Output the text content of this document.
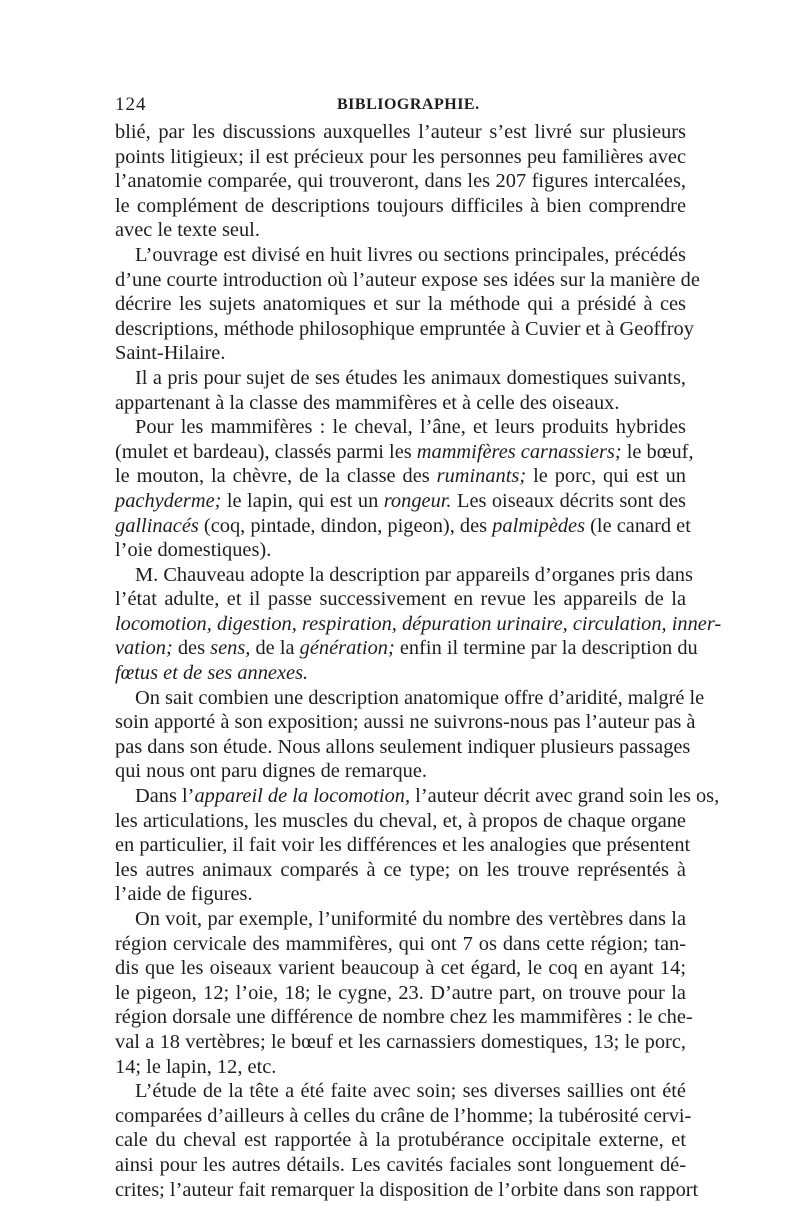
124	BIBLIOGRAPHIE.
blié, par les discussions auxquelles l’auteur s’est livré sur plusieurs
points litigieux; il est précieux pour les personnes peu familières avec
l’anatomie comparée, qui trouveront, dans les 207 figures intercalées,
le complément de descriptions toujours difficiles à bien comprendre
avec le texte seul.
L’ouvrage est divisé en huit livres ou sections principales, précédés
d’une courte introduction où l’auteur expose ses idées sur la manière de
décrire les sujets anatomiques et sur la méthode qui a présidé à ces
descriptions, méthode philosophique empruntée à Cuvier et à Geoffroy
Saint-Hilaire.
Il a pris pour sujet de ses études les animaux domestiques suivants,
appartenant à la classe des mammifères et à celle des oiseaux.
Pour les mammifères : le cheval, l’âne, et leurs produits hybrides
(mulet et bardeau), classés parmi les mammifères carnassiers; le bœuf,
le mouton, la chèvre, de la classe des ruminants; le porc, qui est un
pachyderme; le lapin, qui est un rongeur. Les oiseaux décrits sont des
gallinacés (coq, pintade, dindon, pigeon), des palmipèdes (le canard et
l’oie domestiques).
M. Chauveau adopte la description par appareils d’organes pris dans
l’état adulte, et il passe successivement en revue les appareils de la
locomotion, digestion, respiration, dépuration urinaire, circulation, inner-
vation; des sens, de la génération; enfin il termine par la description du
fœtus et de ses annexes.
On sait combien une description anatomique offre d’aridité, malgré le
soin apporté à son exposition; aussi ne suivrons-nous pas l’auteur pas à
pas dans son étude. Nous allons seulement indiquer plusieurs passages
qui nous ont paru dignes de remarque.
Dans l’appareil de la locomotion, l’auteur décrit avec grand soin les os,
les articulations, les muscles du cheval, et, à propos de chaque organe
en particulier, il fait voir les différences et les analogies que présentent
les autres animaux comparés à ce type; on les trouve représentés à
l’aide de figures.
On voit, par exemple, l’uniformité du nombre des vertèbres dans la
région cervicale des mammifères, qui ont 7 os dans cette région; tan-
dis que les oiseaux varient beaucoup à cet égard, le coq en ayant 14;
le pigeon, 12; l’oie, 18; le cygne, 23. D’autre part, on trouve pour la
région dorsale une différence de nombre chez les mammifères : le che-
val a 18 vertèbres; le bœuf et les carnassiers domestiques, 13; le porc,
14; le lapin, 12, etc.
L’étude de la tête a été faite avec soin; ses diverses saillies ont été
comparées d’ailleurs à celles du crâne de l’homme; la tubérosité cervi-
cale du cheval est rapportée à la protubérance occipitale externe, et
ainsi pour les autres détails. Les cavités faciales sont longuement dé-
crites; l’auteur fait remarquer la disposition de l’orbite dans son rapport
